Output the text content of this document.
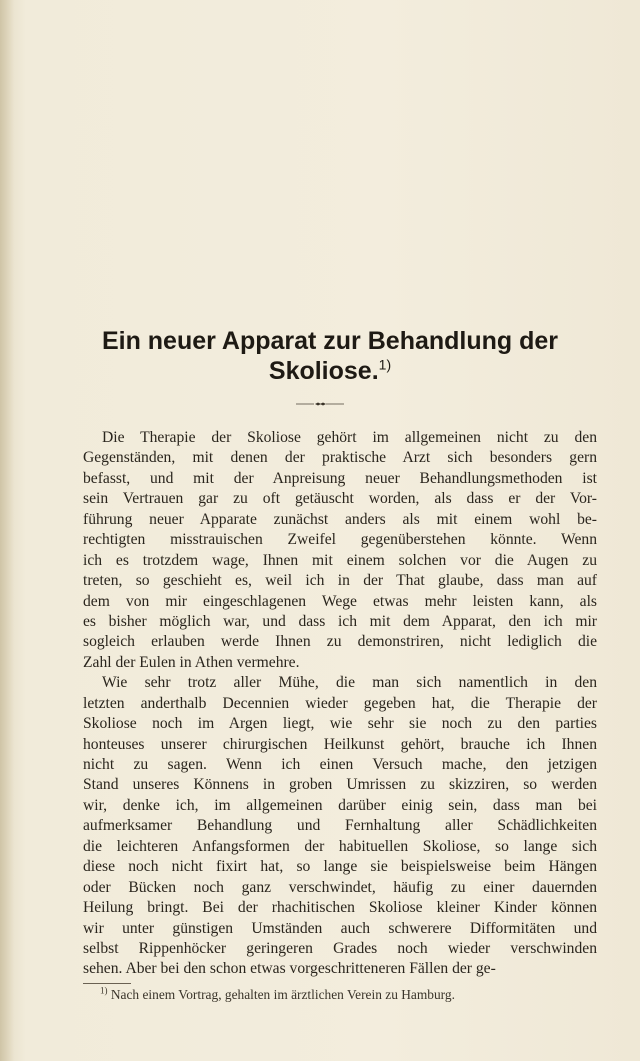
Ein neuer Apparat zur Behandlung der
Skoliose.$^{1)}$
Die Therapie der Skoliose gehört im allgemeinen nicht zu den
Gegenständen, mit denen der praktische Arzt sich besonders gern
befasst, und mit der Anpreisung neuer Behandlungsmethoden ist
sein Vertrauen gar zu oft getäuscht worden, als dass er der Vor-
führung neuer Apparate zunächst anders als mit einem wohl be-
rechtigten misstrauischen Zweifel gegenüberstehen könnte. Wenn
ich es trotzdem wage, Ihnen mit einem solchen vor die Augen zu
treten, so geschieht es, weil ich in der That glaube, dass man auf
dem von mir eingeschlagenen Wege etwas mehr leisten kann, als
es bisher möglich war, und dass ich mit dem Apparat, den ich mir
sogleich erlauben werde Ihnen zu demonstriren, nicht lediglich die
Zahl der Eulen in Athen vermehre.
Wie sehr trotz aller Mühe, die man sich namentlich in den
letzten anderthalb Decennien wieder gegeben hat, die Therapie der
Skoliose noch im Argen liegt, wie sehr sie noch zu den parties
honteuses unserer chirurgischen Heilkunst gehört, brauche ich Ihnen
nicht zu sagen. Wenn ich einen Versuch mache, den jetzigen
Stand unseres Könnens in groben Umrissen zu skizziren, so werden
wir, denke ich, im allgemeinen darüber einig sein, dass man bei
aufmerksamer Behandlung und Fernhaltung aller Schädlichkeiten
die leichteren Anfangsformen der habituellen Skoliose, so lange sich
diese noch nicht fixirt hat, so lange sie beispielsweise beim Hängen
oder Bücken noch ganz verschwindet, häufig zu einer dauernden
Heilung bringt. Bei der rhachitischen Skoliose kleiner Kinder können
wir unter günstigen Umständen auch schwerere Difformitäten und
selbst Rippenhöcker geringeren Grades noch wieder verschwinden
sehen. Aber bei den schon etwas vorgeschritteneren Fällen der ge-
$^{1)}$ Nach einem Vortrag, gehalten im ärztlichen Verein zu Hamburg.
